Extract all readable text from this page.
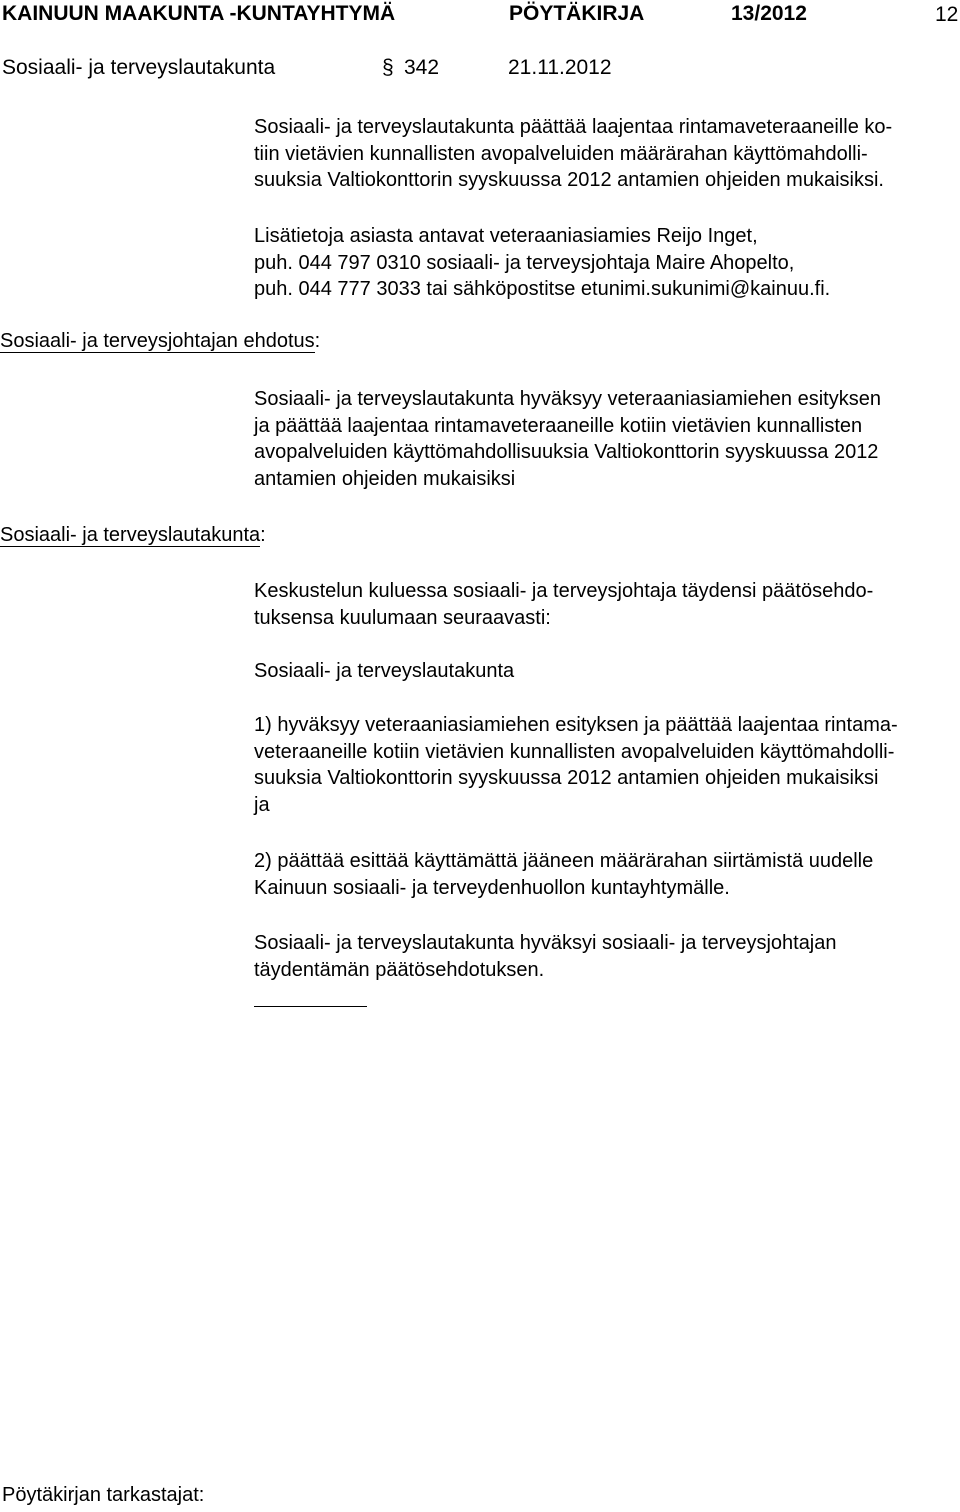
KAINUUN MAAKUNTA -KUNTAYHTYMÄ	PÖYTÄKIRJA	13/2012	12
Sosiaali- ja terveyslautakunta	§ 342	21.11.2012
Sosiaali- ja terveysjohtajan ehdotus:
Sosiaali- ja terveyslautakunta:
Sosiaali- ja terveyslautakunta päättää laajentaa rintamaveteraaneille ko-
tiin vietävien kunnallisten avopalveluiden määrärahan käyttömahdolli-
suuksia Valtiokonttorin syyskuussa 2012 antamien ohjeiden mukaisiksi.
Lisätietoja asiasta antavat veteraaniasiamies Reijo Inget,
puh. 044 797 0310 sosiaali- ja terveysjohtaja Maire Ahopelto,
puh. 044 777 3033 tai sähköpostitse etunimi.sukunimi@kainuu.fi.
Sosiaali- ja terveyslautakunta hyväksyy veteraaniasiamiehen esityksen
ja päättää laajentaa rintamaveteraaneille kotiin vietävien kunnallisten
avopalveluiden käyttömahdollisuuksia Valtiokonttorin syyskuussa 2012
antamien ohjeiden mukaisiksi
Keskustelun kuluessa sosiaali- ja terveysjohtaja täydensi päätösehdo-
tuksensa kuulumaan seuraavasti:
Sosiaali- ja terveyslautakunta
1) hyväksyy veteraaniasiamiehen esityksen ja päättää laajentaa rintama-
veteraaneille kotiin vietävien kunnallisten avopalveluiden käyttömahdolli-
suuksia Valtiokonttorin syyskuussa 2012 antamien ohjeiden mukaisiksi
ja
2) päättää esittää käyttämättä jääneen määrärahan siirtämistä uudelle
Kainuun sosiaali- ja terveydenhuollon kuntayhtymälle.
Sosiaali- ja terveyslautakunta hyväksyi sosiaali- ja terveysjohtajan
täydentämän päätösehdotuksen.
Pöytäkirjan tarkastajat:
